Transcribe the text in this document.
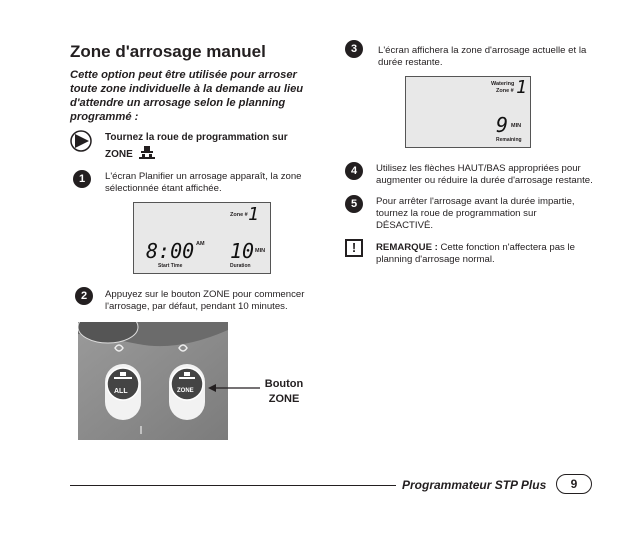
Zone d'arrosage manuel
Cette option peut être utilisée pour arroser toute zone individuelle à la demande au lieu d'attendre un arrosage selon le planning programmé :
Tournez la roue de programmation sur
ZONE
1	L'écran Planifier un arrosage apparaît, la zone sélectionnée étant affichée.
Zone # 1
8:00 AM
Start Time
10 MIN
Duration
2	Appuyez sur le bouton ZONE pour commencer l'arrosage, par défaut, pendant 10 minutes.
ALL	ZONE
Bouton
ZONE
3	L'écran affichera la zone d'arrosage actuelle et la durée restante.
Watering
Zone # 1
9 MIN
Remaining
4	Utilisez les flèches HAUT/BAS appropriées pour augmenter ou réduire la durée d'arrosage restante.
5	Pour arrêter l'arrosage avant la durée impartie, tournez la roue de programmation sur DÉSACTIVÉ.
!	REMARQUE : Cette fonction n'affectera pas le planning d'arrosage normal.
Programmateur STP Plus	9
